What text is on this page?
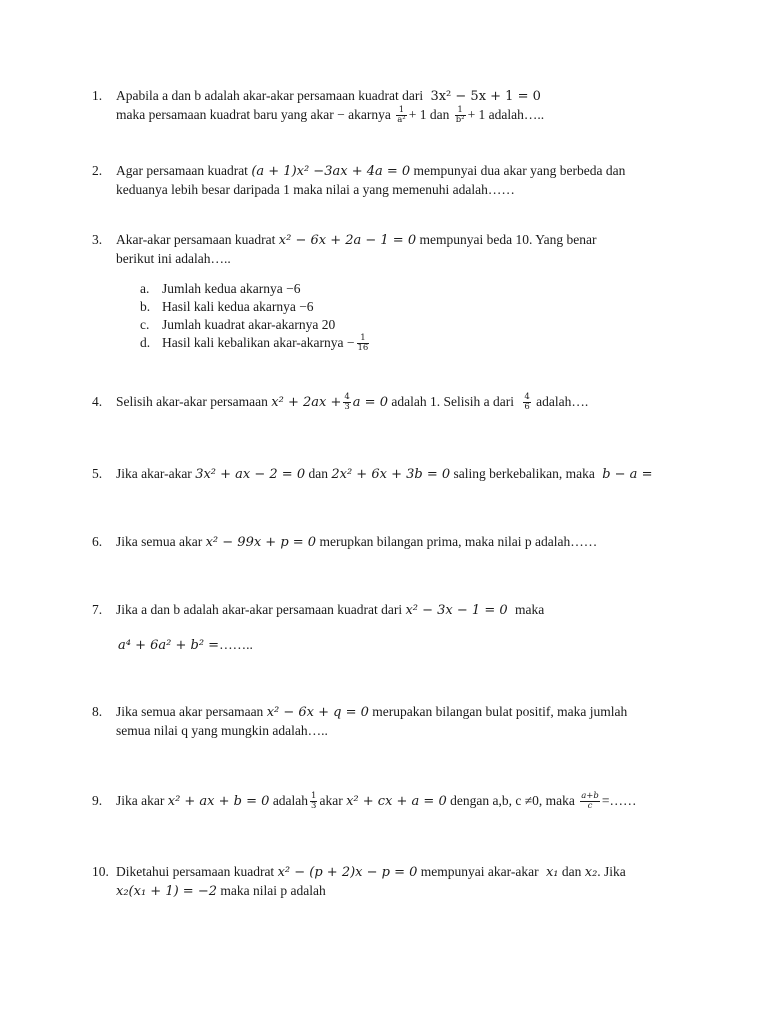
1.	Apabila a dan b adalah akar-akar persamaan kuadrat dari 3x² − 5x + 1 = 0
maka persamaan kuadrat baru yang akar − akarnya $\frac{1}{\text{a²}} + 1$ dan $\frac{1}{\text{b²}} + 1$ adalah…..
2.	Agar persamaan kuadrat (a + 1)x² −3ax + 4a = 0 mempunyai dua akar yang berbeda dan
keduanya lebih besar daripada 1 maka nilai a yang memenuhi adalah……
3.	Akar-akar persamaan kuadrat x² − 6x + 2a − 1 = 0 mempunyai beda 10. Yang benar
berikut ini adalah…..
a. Jumlah kedua akarnya −6
b. Hasil kali kedua akarnya −6
c. Jumlah kuadrat akar-akarnya 20
d. Hasil kali kebalikan akar-akarnya − $\frac{1}{16}$
4.	Selisih akar-akar persamaan $x^2 + 2ax + \frac{4}{3}$ a = 0 adalah 1. Selisih a dari $\frac{4}{6}$ adalah….
5.	Jika akar-akar 3x² + ax − 2 = 0 dan 2x² + 6x + 3b = 0 saling berkebalikan, maka b − a =
6.	Jika semua akar x² − 99x + p = 0 merupkan bilangan prima, maka nilai p adalah……
7.	Jika a dan b adalah akar-akar persamaan kuadrat dari x² − 3x − 1 = 0 maka
a⁴ + 6a² + b² =……..
8.	Jika semua akar persamaan x² − 6x + q = 0 merupakan bilangan bulat positif, maka jumlah
semua nilai q yang mungkin adalah…..
9.	Jika akar x² + ax + b = 0 adalah $\frac{1}{3}$ akar x² + cx + a = 0 dengan a,b, c ≠0, maka $\frac{a+b}{c}$ =……
10. Diketahui persamaan kuadrat x² − (p + 2)x − p = 0 mempunyai akar-akar x₁ dan x₂. Jika
x₂(x₁ + 1) = −2 maka nilai p adalah
